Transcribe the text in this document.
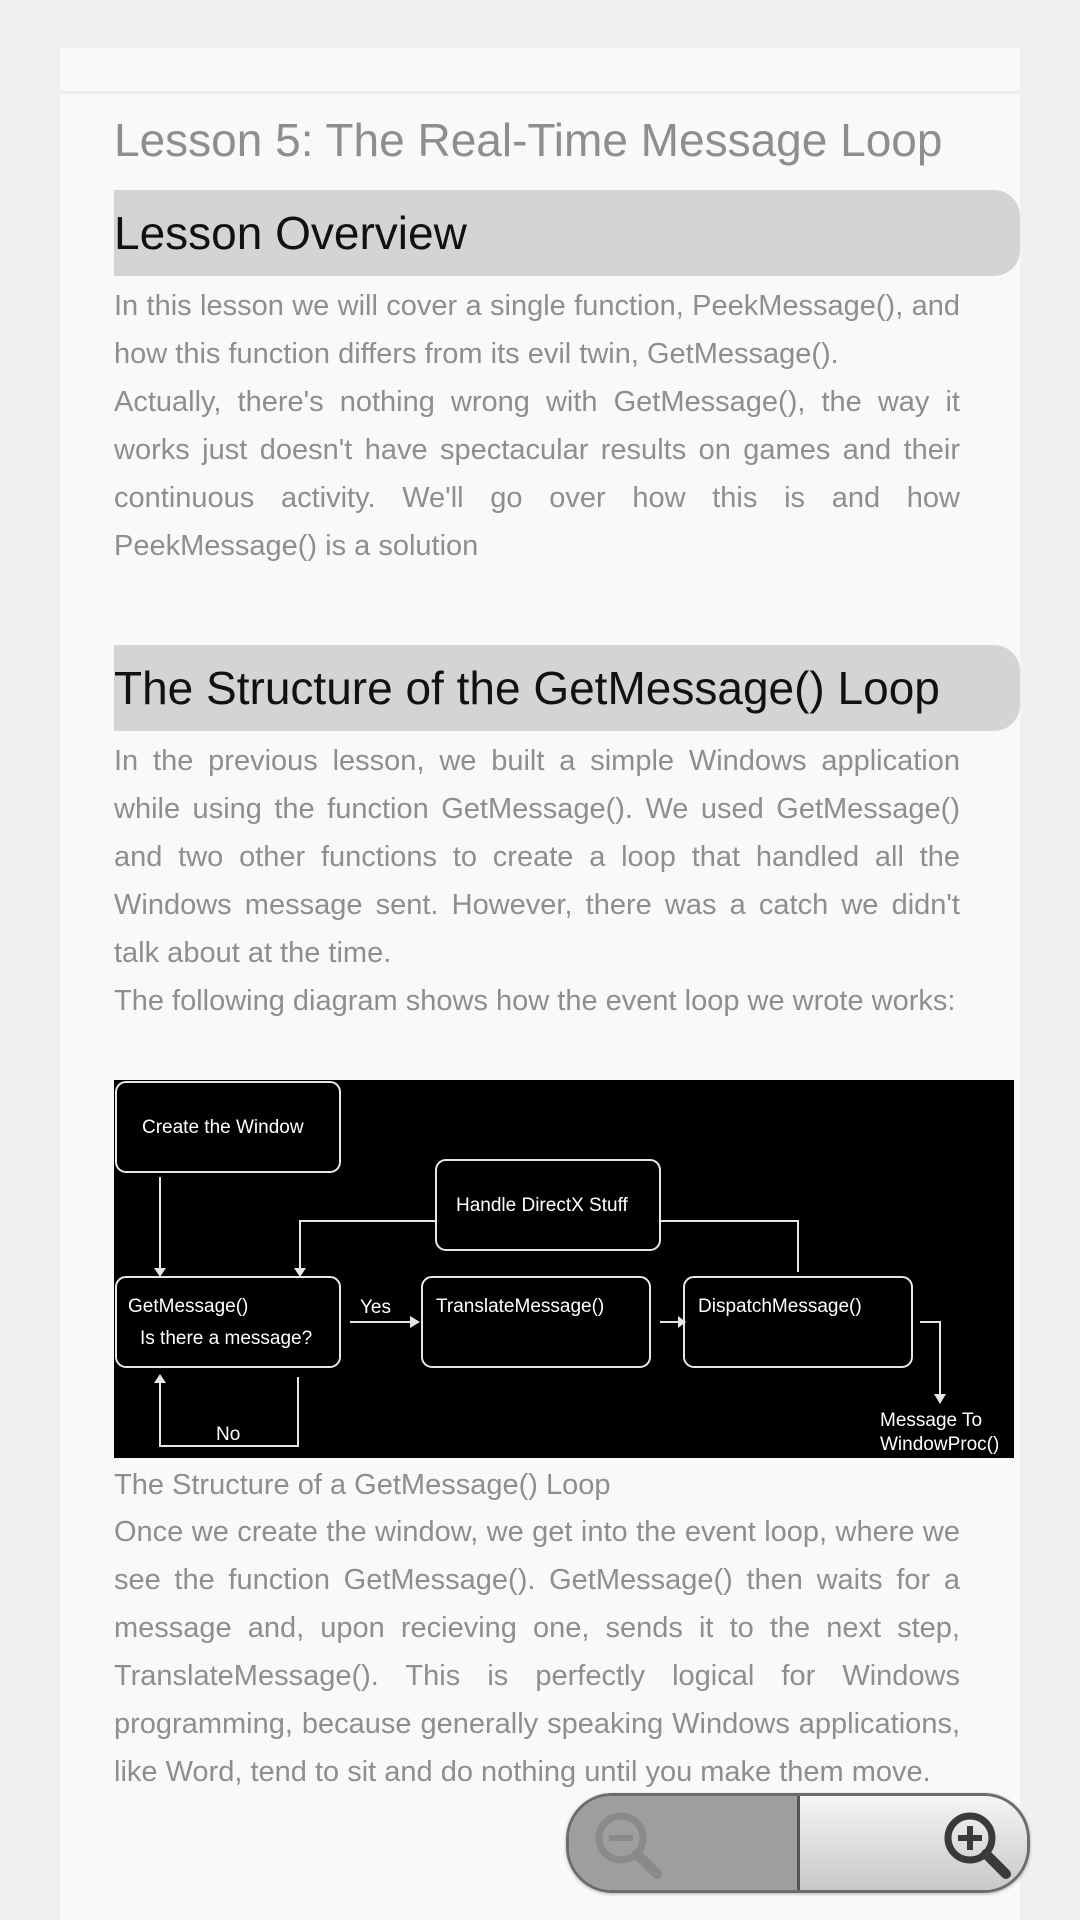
Lesson 5: The Real-Time Message Loop
Lesson Overview

In this lesson we will cover a single function, PeekMessage(), and how this function differs from its evil twin, GetMessage().

Actually, there's nothing wrong with GetMessage(), the way it works just doesn't have spectacular results on games and their continuous activity. We'll go over how this is and how PeekMessage() is a solution

The Structure of the GetMessage() Loop

In the previous lesson, we built a simple Windows application while using the function GetMessage(). We used GetMessage() and two other functions to create a loop that handled all the Windows message sent. However, there was a catch we didn't talk about at the time.

The following diagram shows how the event loop we wrote works:

Create the Window
Handle DirectX Stuff
GetMessage()
Is there a message?
Yes TranslateMessage()	DispatchMessage()
No
Message To
WindowProc()

The Structure of a GetMessage() Loop

Once we create the window, we get into the event loop, where we see the function GetMessage(). GetMessage() then waits for a message and, upon recieving one, sends it to the next step, TranslateMessage(). This is perfectly logical for Windows programming, because generally speaking Windows applications, like Word, tend to sit and do nothing until you make them move.
